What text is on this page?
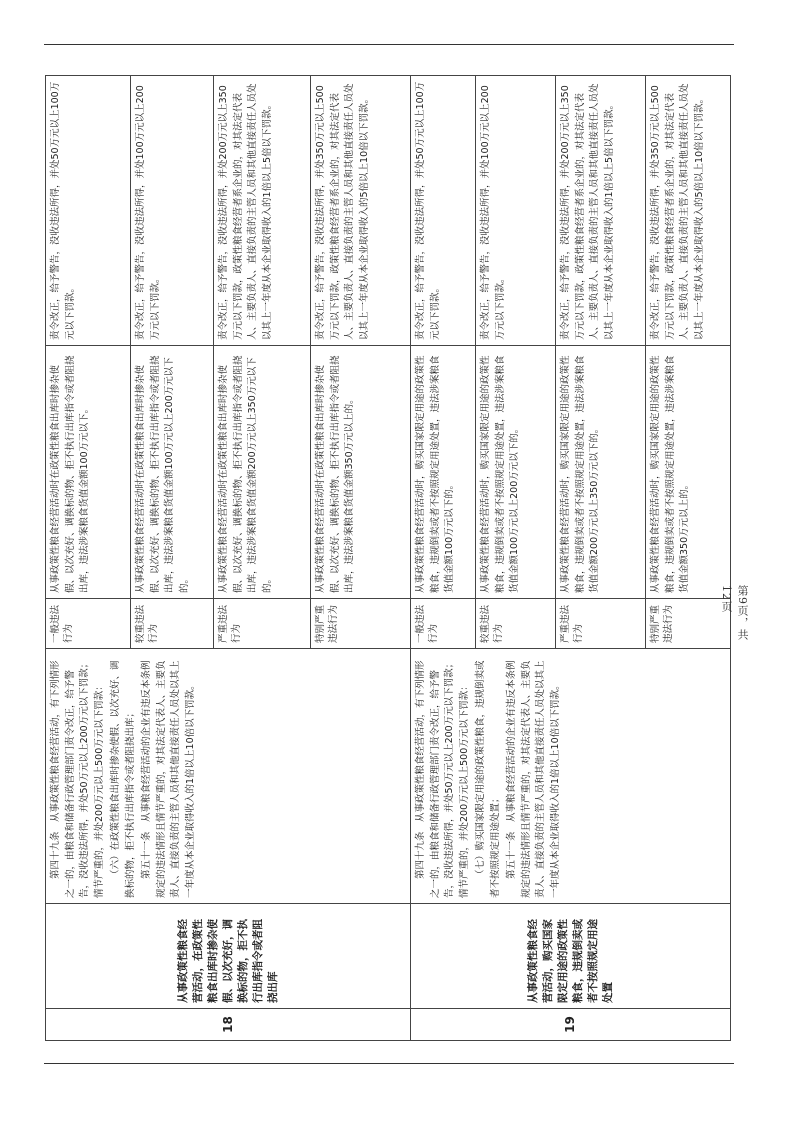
18	从事政策性粮食经营活动，在政策性粮食出库时掺杂使假、以次充好，调换标的物，拒不执行出库指令或者阻挠出库	第四十九条　从事政策性粮食经营活动，有下列情形之一的，由粮食和储备行政管理部门责令改正，给予警告，没收违法所得，并处50万元以上200万元以下罚款；情节严重的，并处200万元以上500万元以下罚款： （六）在政策性粮食出库时掺杂使假、以次充好、调换标的物，拒不执行出库指令或者阻挠出库； 第五十一条　从事粮食经营活动的企业有违反本条例规定的违法情形且情节严重的，对其法定代表人、主要负责人、直接负责的主管人员和其他直接责任人员处以其上一年度从本企业取得收入的1倍以上10倍以下罚款。	一般违法行为	从事政策性粮食经营活动时在政策性粮食出库时掺杂使假、以次充好、调换标的物、拒不执行出库指令或者阻挠出库，违法涉案粮食货值金额100万元以下。	责令改正，给予警告，没收违法所得，并处50万元以上100万元以下罚款。
			较重违法行为	从事政策性粮食经营活动时在政策性粮食出库时掺杂使假、以次充好、调换标的物、拒不执行出库指令或者阻挠出库，违法涉案粮食货值金额100万元以上200万元以下的。	责令改正，给予警告，没收违法所得，并处100万元以上200万元以下罚款。
			严重违法行为	从事政策性粮食经营活动时在政策性粮食出库时掺杂使假、以次充好、调换标的物、拒不执行出库指令或者阻挠出库，违法涉案粮食货值金额200万元以上350万元以下的。	责令改正，给予警告，没收违法所得，并处200万元以上350万元以下罚款，政策性粮食经营者系企业的，对其法定代表人、主要负责人、直接负责的主管人员和其他直接责任人员处以其上一年度从本企业取得收入的1倍以上5倍以下罚款。
			特别严重违法行为	从事政策性粮食经营活动时在政策性粮食出库时掺杂使假、以次充好、调换标的物、拒不执行出库指令或者阻挠出库，违法涉案粮食货值金额350万元以上的。	责令改正，给予警告，没收违法所得，并处350万元以上500万元以下罚款，政策性粮食经营者系企业的，对其法定代表人、主要负责人、直接负责的主管人员和其他直接责任人员处以其上一年度从本企业取得收入的5倍以上10倍以下罚款。
19	从事政策性粮食经营活动，购买国家限定用途的政策性粮食，违规倒卖或者不按照规定用途处置	第四十九条　从事政策性粮食经营活动，有下列情形之一的，由粮食和储备行政管理部门责令改正，给予警告，没收违法所得，并处50万元以上200万元以下罚款；情节严重的，并处200万元以上500万元以下罚款： （七）购买国家限定用途的政策性粮食，违规倒卖或者不按照规定用途处置； 第五十一条　从事粮食经营活动的企业有违反本条例规定的违法情形且情节严重的，对其法定代表人、主要负责人、直接负责的主管人员和其他直接责任人员处以其上一年度从本企业取得收入的1倍以上10倍以下罚款。	一般违法行为	从事政策性粮食经营活动时，购买国家限定用途的政策性粮食，违规倒卖或者不按照规定用途处置，违法涉案粮食货值金额100万元以下的。	责令改正，给予警告，没收违法所得，并处50万元以上100万元以下罚款。
			较重违法行为	从事政策性粮食经营活动时，购买国家限定用途的政策性粮食，违规倒卖或者不按照规定用途处置，违法涉案粮食货值金额100万元以上200万元以下的。	责令改正，给予警告，没收违法所得，并处100万元以上200万元以下罚款。
			严重违法行为	从事政策性粮食经营活动时，购买国家限定用途的政策性粮食，违规倒卖或者不按照规定用途处置，违法涉案粮食货值金额200万元以上350万元以下的。	责令改正，给予警告，没收违法所得，并处200万元以上350万元以下罚款，政策性粮食经营者系企业的，对其法定代表人、主要负责人、直接负责的主管人员和其他直接责任人员处以其上一年度从本企业取得收入的1倍以上5倍以下罚款。
			特别严重违法行为	从事政策性粮食经营活动时，购买国家限定用途的政策性粮食，违规倒卖或者不按照规定用途处置，违法涉案粮食货值金额350万元以上的。	责令改正，给予警告，没收违法所得，并处350万元以上500万元以下罚款，政策性粮食经营者系企业的，对其法定代表人、主要负责人、直接负责的主管人员和其他直接责任人员处以其上一年度从本企业取得收入的5倍以上10倍以下罚款。
第9页，共12页
